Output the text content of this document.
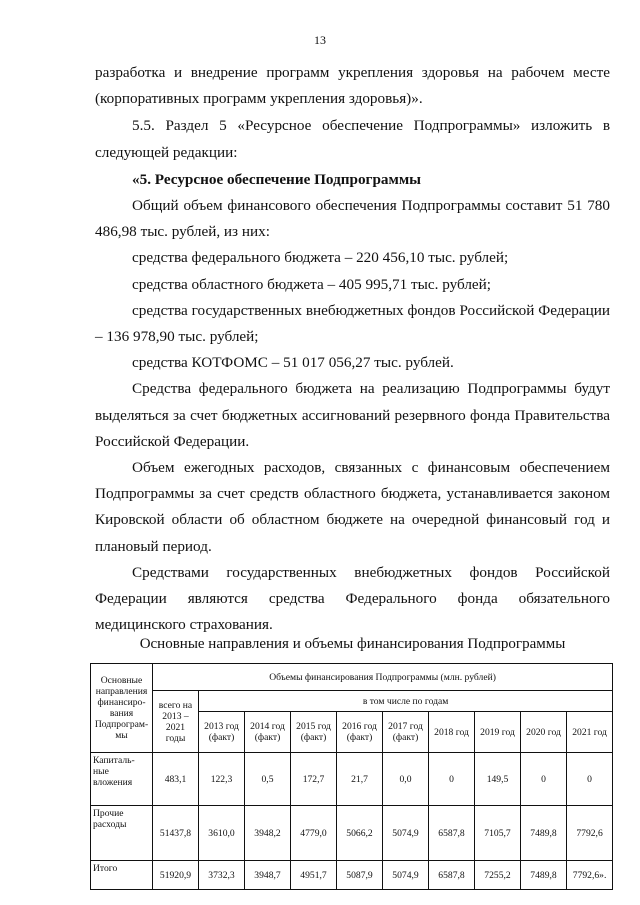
13

разработка и внедрение программ укрепления здоровья на рабочем месте (корпоративных программ укрепления здоровья)».

5.5. Раздел 5 «Ресурсное обеспечение Подпрограммы» изложить в следующей редакции:

«5. Ресурсное обеспечение Подпрограммы

Общий объем финансового обеспечения Подпрограммы составит 51 780 486,98 тыс. рублей, из них:

средства федерального бюджета – 220 456,10 тыс. рублей;

средства областного бюджета – 405 995,71 тыс. рублей;

средства государственных внебюджетных фондов Российской Федерации – 136 978,90 тыс. рублей;

средства КОТФОМС – 51 017 056,27 тыс. рублей.

Средства федерального бюджета на реализацию Подпрограммы будут выделяться за счет бюджетных ассигнований резервного фонда Правительства Российской Федерации.

Объем ежегодных расходов, связанных с финансовым обеспечением Подпрограммы за счет средств областного бюджета, устанавливается законом Кировской области об областном бюджете на очередной финансовый год и плановый период.

Средствами государственных внебюджетных фондов Российской Федерации являются средства Федерального фонда обязательного медицинского страхования.

Основные направления и объемы финансирования Подпрограммы
Основные направления финансиро-вания Подпрограм-мы	Объемы финансирования Подпрограммы (млн. рублей)									
	всего на 2013 – 2021 годы	в том числе по годам								
		2013 год (факт)	2014 год (факт)	2015 год (факт)	2016 год (факт)	2017 год (факт)	2018 год	2019 год	2020 год	2021 год
Капиталь-ные вложения	483,1	122,3	0,5	172,7	21,7	0,0	0	149,5	0	0
Прочие расходы	51437,8	3610,0	3948,2	4779,0	5066,2	5074,9	6587,8	7105,7	7489,8	7792,6
Итого	51920,9	3732,3	3948,7	4951,7	5087,9	5074,9	6587,8	7255,2	7489,8	7792,6».
